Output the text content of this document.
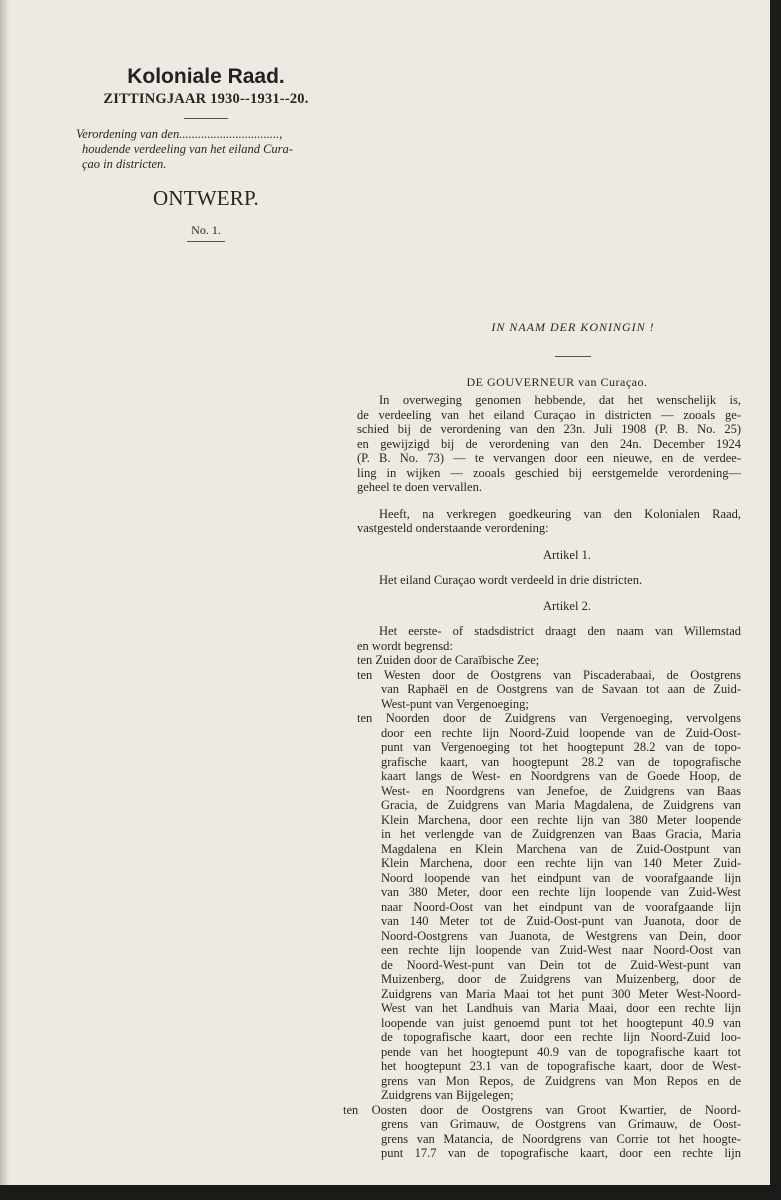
Koloniale Raad.
ZITTINGJAAR 1930--1931--20.
Verordening van den................................,
houdende verdeeling van het eiland Cura-
çao in districten.
ONTWERP.
No. 1.
IN NAAM DER KONINGIN !
DE GOUVERNEUR van Curaçao.
In overweging genomen hebbende, dat het wenschelijk is,
de verdeeling van het eiland Curaçao in districten — zooals ge-
schied bij de verordening van den 23n. Juli 1908 (P. B. No. 25)
en gewijzigd bij de verordening van den 24n. December 1924
(P. B. No. 73) — te vervangen door een nieuwe, en de verdee-
ling in wijken — zooals geschied bij eerstgemelde verordening—
geheel te doen vervallen.
Heeft, na verkregen goedkeuring van den Kolonialen Raad,
vastgesteld onderstaande verordening:
Artikel 1.
Het eiland Curaçao wordt verdeeld in drie districten.
Artikel 2.
Het eerste- of stadsdistrict draagt den naam van Willemstad
en wordt begrensd:
ten Zuiden door de Caraïbische Zee;
ten Westen door de Oostgrens van Piscaderabaai, de Oostgrens
van Raphaël en de Oostgrens van de Savaan tot aan de Zuid-
West-punt van Vergenoeging;
ten Noorden door de Zuidgrens van Vergenoeging, vervolgens
door een rechte lijn Noord-Zuid loopende van de Zuid-Oost-
punt van Vergenoeging tot het hoogtepunt 28.2 van de topo-
grafische kaart, van hoogtepunt 28.2 van de topografische
kaart langs de West- en Noordgrens van de Goede Hoop, de
West- en Noordgrens van Jenefoe, de Zuidgrens van Baas
Gracia, de Zuidgrens van Maria Magdalena, de Zuidgrens van
Klein Marchena, door een rechte lijn van 380 Meter loopende
in het verlengde van de Zuidgrenzen van Baas Gracia, Maria
Magdalena en Klein Marchena van de Zuid-Oostpunt van
Klein Marchena, door een rechte lijn van 140 Meter Zuid-
Noord loopende van het eindpunt van de voorafgaande lijn
van 380 Meter, door een rechte lijn loopende van Zuid-West
naar Noord-Oost van het eindpunt van de voorafgaande lijn
van 140 Meter tot de Zuid-Oost-punt van Juanota, door de
Noord-Oostgrens van Juanota, de Westgrens van Dein, door
een rechte lijn loopende van Zuid-West naar Noord-Oost van
de Noord-West-punt van Dein tot de Zuid-West-punt van
Muizenberg, door de Zuidgrens van Muizenberg, door de
Zuidgrens van Maria Maai tot het punt 300 Meter West-Noord-
West van het Landhuis van Maria Maai, door een rechte lijn
loopende van juist genoemd punt tot het hoogtepunt 40.9 van
de topografische kaart, door een rechte lijn Noord-Zuid loo-
pende van het hoogtepunt 40.9 van de topografische kaart tot
het hoogtepunt 23.1 van de topografische kaart, door de West-
grens van Mon Repos, de Zuidgrens van Mon Repos en de
Zuidgrens van Bijgelegen;
ten Oosten door de Oostgrens van Groot Kwartier, de Noord-
grens van Grimauw, de Oostgrens van Grimauw, de Oost-
grens van Matancia, de Noordgrens van Corrie tot het hoogte-
punt 17.7 van de topografische kaart, door een rechte lijn
